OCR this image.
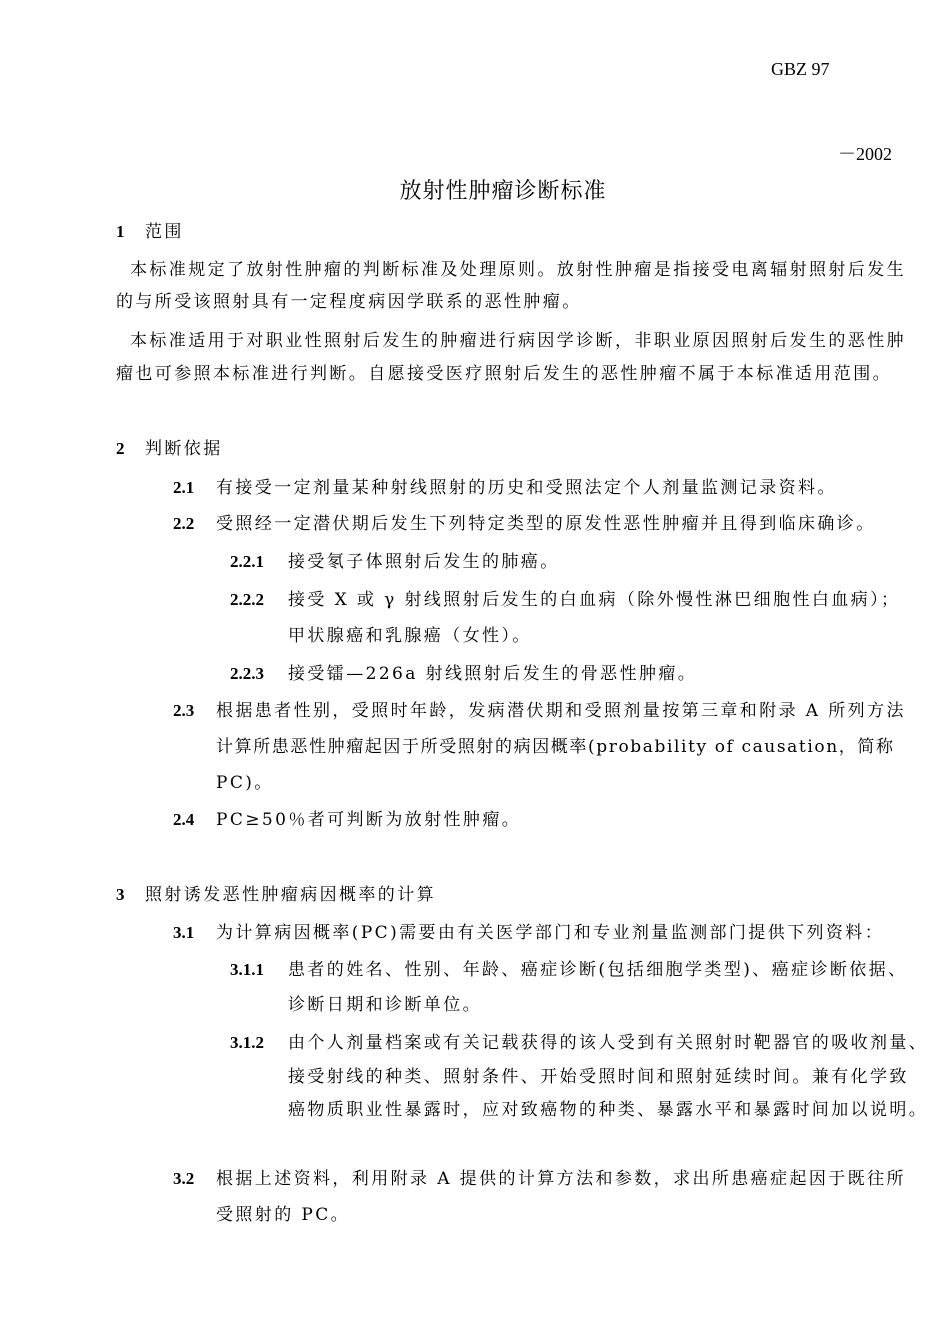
GBZ 97
－2002
放射性肿瘤诊断标准
1 范围
本标准规定了放射性肿瘤的判断标准及处理原则。放射性肿瘤是指接受电离辐射照射后发生
的与所受该照射具有一定程度病因学联系的恶性肿瘤。
本标准适用于对职业性照射后发生的肿瘤进行病因学诊断，非职业原因照射后发生的恶性肿
瘤也可参照本标准进行判断。自愿接受医疗照射后发生的恶性肿瘤不属于本标准适用范围。
2 判断依据
2.1 有接受一定剂量某种射线照射的历史和受照法定个人剂量监测记录资料。
2.2 受照经一定潜伏期后发生下列特定类型的原发性恶性肿瘤并且得到临床确诊。
2.2.1 接受氡子体照射后发生的肺癌。
2.2.2 接受 X 或 γ 射线照射后发生的白血病（除外慢性淋巴细胞性白血病）；
甲状腺癌和乳腺癌（女性）。
2.2.3 接受镭—226a 射线照射后发生的骨恶性肿瘤。
2.3 根据患者性别，受照时年龄，发病潜伏期和受照剂量按第三章和附录 A 所列方法
计算所患恶性肿瘤起因于所受照射的病因概率(probability of causation，简称
PC)。
2.4 PC≥50％者可判断为放射性肿瘤。
3 照射诱发恶性肿瘤病因概率的计算
3.1 为计算病因概率(PC)需要由有关医学部门和专业剂量监测部门提供下列资料：
3.1.1 患者的姓名、性别、年龄、癌症诊断(包括细胞学类型)、癌症诊断依据、
诊断日期和诊断单位。
3.1.2 由个人剂量档案或有关记载获得的该人受到有关照射时靶器官的吸收剂量、
接受射线的种类、照射条件、开始受照时间和照射延续时间。兼有化学致
癌物质职业性暴露时，应对致癌物的种类、暴露水平和暴露时间加以说明。
3.2 根据上述资料，利用附录 A 提供的计算方法和参数，求出所患癌症起因于既往所
受照射的 PC。
